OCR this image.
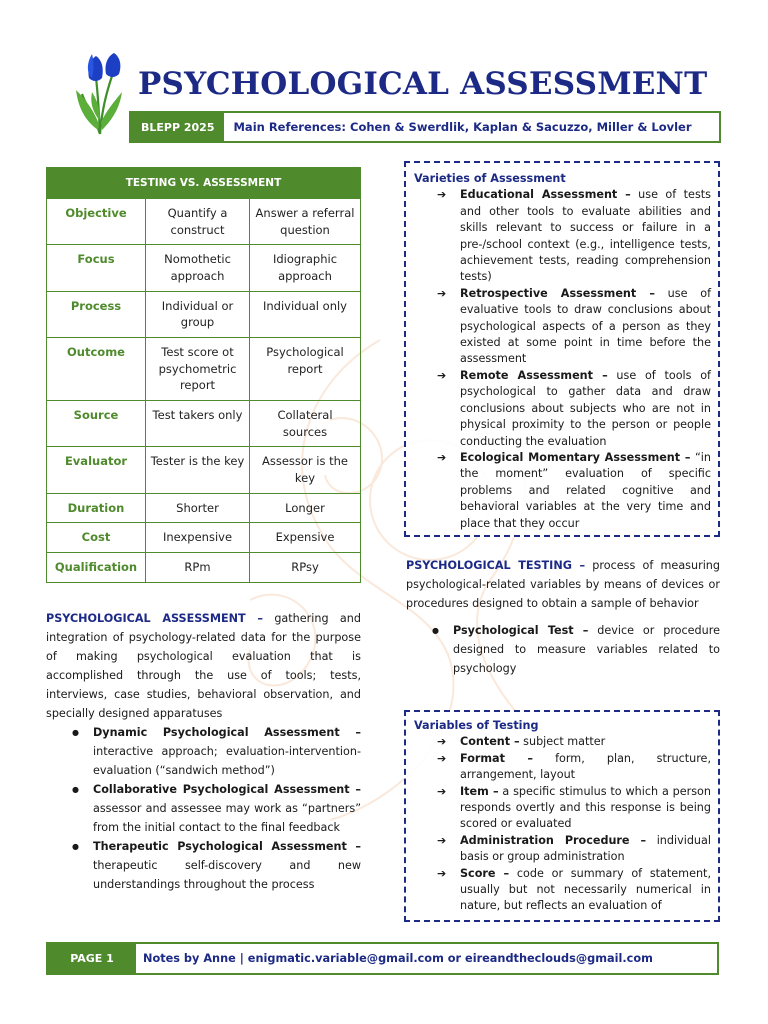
PSYCHOLOGICAL ASSESSMENT
BLEPP 2025	Main References: Cohen & Swerdlik, Kaplan & Sacuzzo, Miller & Lovler
TESTING VS. ASSESSMENT		
Objective	Quantify a construct	Answer a referral question
Focus	Nomothetic approach	Idiographic approach
Process	Individual or group	Individual only
Outcome	Test score ot psychometric report	Psychological report
Source	Test takers only	Collateral sources
Evaluator	Tester is the key	Assessor is the key
Duration	Shorter	Longer
Cost	Inexpensive	Expensive
Qualification	RPm	RPsy

PSYCHOLOGICAL ASSESSMENT – gathering and integration of psychology-related data for the purpose of making psychological evaluation that is accomplished through the use of tools; tests, interviews, case studies, behavioral observation, and specially designed apparatuses

● Dynamic Psychological Assessment – interactive approach; evaluation-intervention-evaluation (“sandwich method”)
● Collaborative Psychological Assessment – assessor and assessee may work as “partners” from the initial contact to the final feedback
● Therapeutic Psychological Assessment – therapeutic self-discovery and new understandings throughout the process
Varieties of Assessment
➔ Educational Assessment – use of tests and other tools to evaluate abilities and skills relevant to success or failure in a pre-/school context (e.g., intelligence tests, achievement tests, reading comprehension tests)
➔ Retrospective Assessment – use of evaluative tools to draw conclusions about psychological aspects of a person as they existed at some point in time before the assessment
➔ Remote Assessment – use of tools of psychological to gather data and draw conclusions about subjects who are not in physical proximity to the person or people conducting the evaluation
➔ Ecological Momentary Assessment – “in the moment” evaluation of specific problems and related cognitive and behavioral variables at the very time and place that they occur

PSYCHOLOGICAL TESTING – process of measuring psychological-related variables by means of devices or procedures designed to obtain a sample of behavior

● Psychological Test – device or procedure designed to measure variables related to psychology
Variables of Testing
➔ Content – subject matter
➔ Format – form, plan, structure, arrangement, layout
➔ Item – a specific stimulus to which a person responds overtly and this response is being scored or evaluated
➔ Administration Procedure – individual basis or group administration
➔ Score – code or summary of statement, usually but not necessarily numerical in nature, but reflects an evaluation of
PAGE 1	Notes by Anne | enigmatic.variable@gmail.com or eireandtheclouds@gmail.com
